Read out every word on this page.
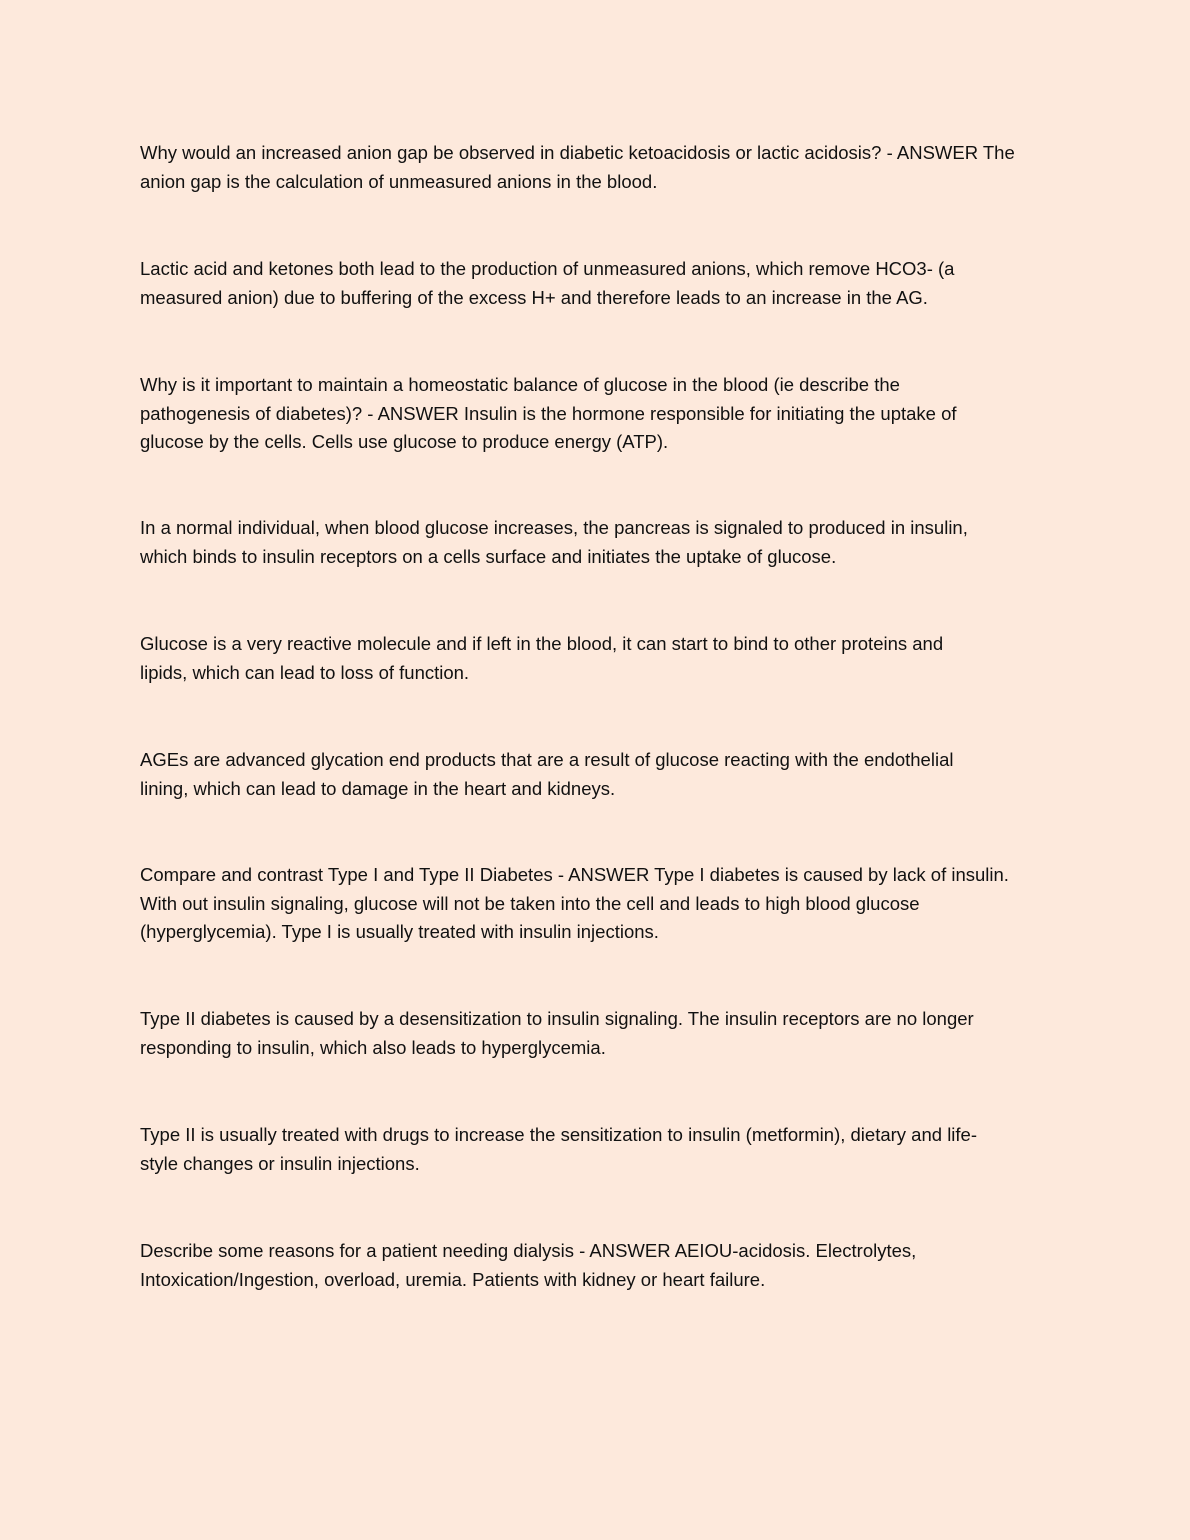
Why would an increased anion gap be observed in diabetic ketoacidosis or lactic acidosis? - ANSWER The
anion gap is the calculation of unmeasured anions in the blood.

Lactic acid and ketones both lead to the production of unmeasured anions, which remove HCO3- (a
measured anion) due to buffering of the excess H+ and therefore leads to an increase in the AG.

Why is it important to maintain a homeostatic balance of glucose in the blood (ie describe the
pathogenesis of diabetes)? - ANSWER Insulin is the hormone responsible for initiating the uptake of
glucose by the cells. Cells use glucose to produce energy (ATP).

In a normal individual, when blood glucose increases, the pancreas is signaled to produced in insulin,
which binds to insulin receptors on a cells surface and initiates the uptake of glucose.

Glucose is a very reactive molecule and if left in the blood, it can start to bind to other proteins and
lipids, which can lead to loss of function.

AGEs are advanced glycation end products that are a result of glucose reacting with the endothelial
lining, which can lead to damage in the heart and kidneys.

Compare and contrast Type I and Type II Diabetes - ANSWER Type I diabetes is caused by lack of insulin.
With out insulin signaling, glucose will not be taken into the cell and leads to high blood glucose
(hyperglycemia). Type I is usually treated with insulin injections.

Type II diabetes is caused by a desensitization to insulin signaling. The insulin receptors are no longer
responding to insulin, which also leads to hyperglycemia.

Type II is usually treated with drugs to increase the sensitization to insulin (metformin), dietary and life-
style changes or insulin injections.

Describe some reasons for a patient needing dialysis - ANSWER AEIOU-acidosis. Electrolytes,
Intoxication/Ingestion, overload, uremia. Patients with kidney or heart failure.
